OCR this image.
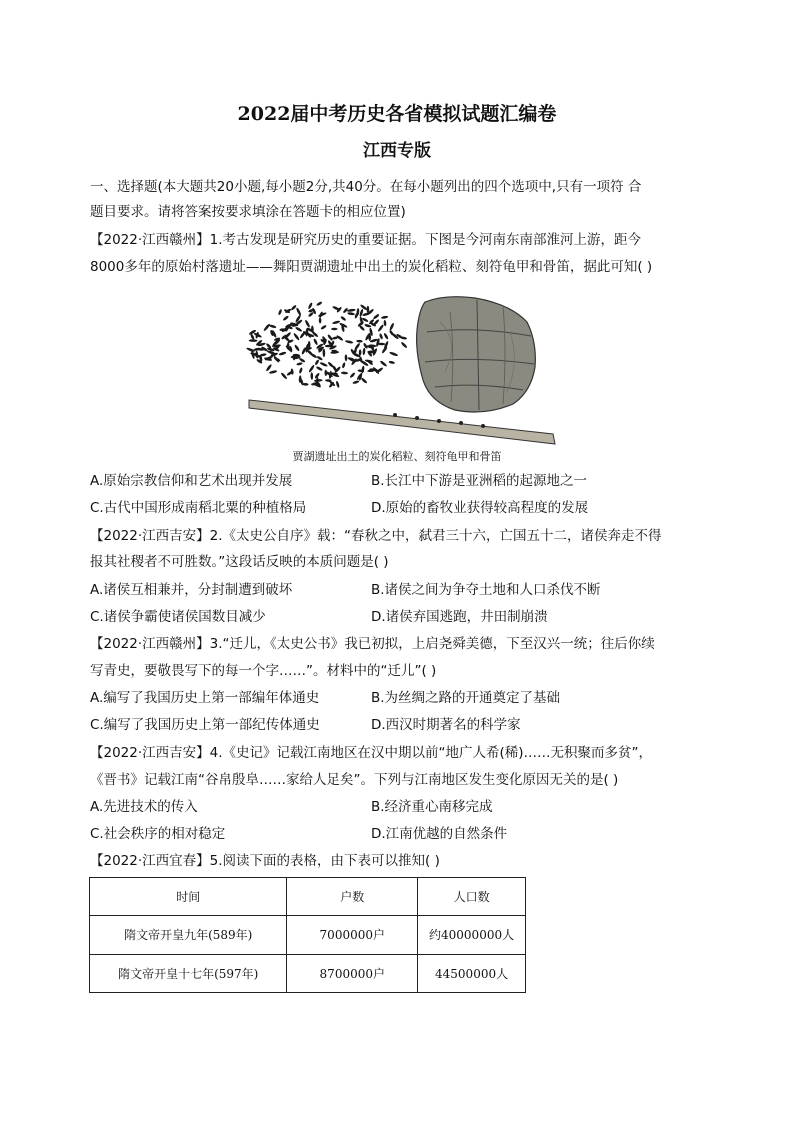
2022届中考历史各省模拟试题汇编卷
江西专版
一、选择题(本大题共20小题,每小题2分,共40分。在每小题列出的四个选项中,只有一项符 合
题目要求。请将答案按要求填涂在答题卡的相应位置)
【2022·江西赣州】1.考古发现是研究历史的重要证据。下图是今河南东南部淮河上游，距今
8000多年的原始村落遗址——舞阳贾湖遗址中出土的炭化稻粒、刻符龟甲和骨笛，据此可知( )
贾湖遗址出土的炭化稻粒、刻符龟甲和骨笛
A.原始宗教信仰和艺术出现并发展	B.长江中下游是亚洲稻的起源地之一
C.古代中国形成南稻北粟的种植格局	D.原始的畜牧业获得较高程度的发展
【2022·江西吉安】2.《太史公自序》载：“春秋之中，弑君三十六，亡国五十二，诸侯奔走不得
报其社稷者不可胜数。”这段话反映的本质问题是( )
A.诸侯互相兼并，分封制遭到破坏	B.诸侯之间为争夺土地和人口杀伐不断
C.诸侯争霸使诸侯国数目减少	D.诸侯弃国逃跑，井田制崩溃
【2022·江西赣州】3.“迁儿，《太史公书》我已初拟，上启尧舜美德，下至汉兴一统；往后你续
写青史，要敬畏写下的每一个字……”。材料中的“迁儿”( )
A.编写了我国历史上第一部编年体通史	B.为丝绸之路的开通奠定了基础
C.编写了我国历史上第一部纪传体通史	D.西汉时期著名的科学家
【2022·江西吉安】4.《史记》记载江南地区在汉中期以前“地广人希(稀)……无积聚而多贫”，
《晋书》记载江南“谷帛殷阜……家给人足矣”。下列与江南地区发生变化原因无关的是( )
A.先进技术的传入	B.经济重心南移完成
C.社会秩序的相对稳定	D.江南优越的自然条件
【2022·江西宜春】5.阅读下面的表格，由下表可以推知( )
时间	户数	人口数
隋文帝开皇九年(589年)	7000000户	约40000000人
隋文帝开皇十七年(597年)	8700000户	44500000人
